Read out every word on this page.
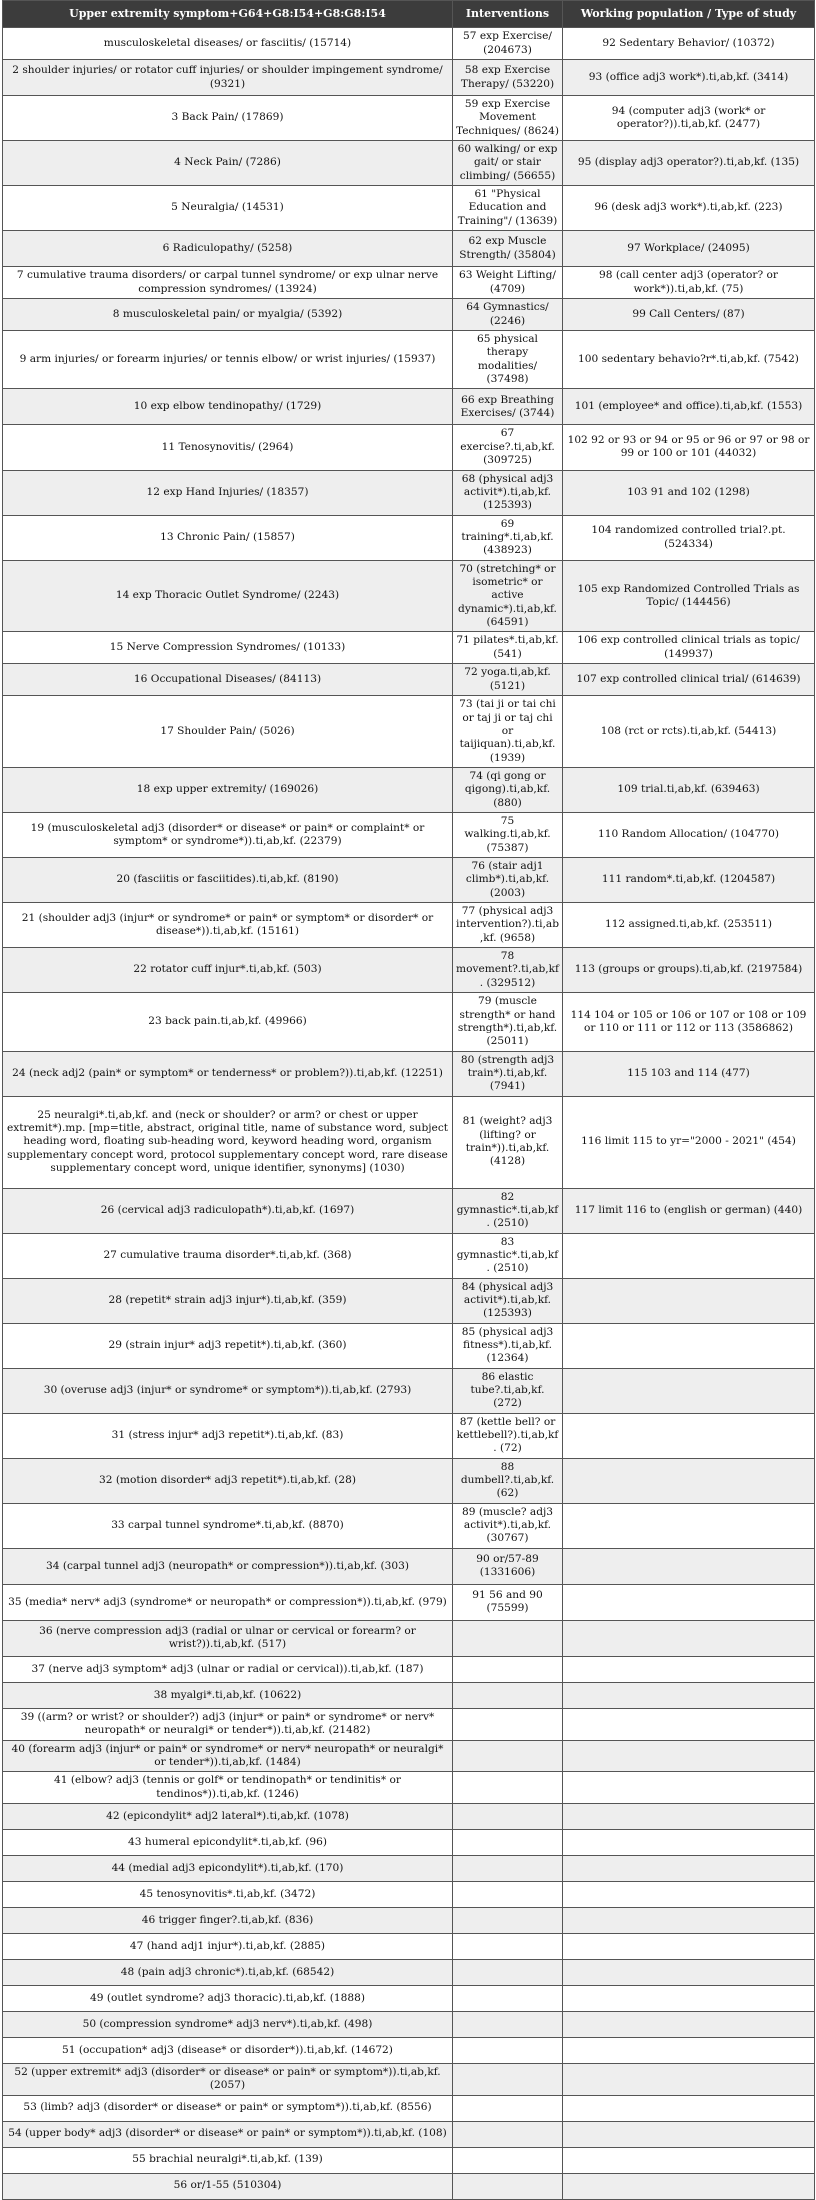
Upper extremity symptom+G64+G8:I54+G8:G8:I54	Interventions	Working population / Type of study
musculoskeletal diseases/ or fasciitis/ (15714)	57 exp Exercise/ (204673)	92 Sedentary Behavior/ (10372)
2 shoulder injuries/ or rotator cuff injuries/ or shoulder impingement syndrome/ (9321)	58 exp Exercise Therapy/ (53220)	93 (office adj3 work*).ti,ab,kf. (3414)
3 Back Pain/ (17869)	59 exp Exercise Movement Techniques/ (8624)	94 (computer adj3 (work* or operator?)).ti,ab,kf. (2477)
4 Neck Pain/ (7286)	60 walking/ or exp gait/ or stair climbing/ (56655)	95 (display adj3 operator?).ti,ab,kf. (135)
5 Neuralgia/ (14531)	61 "Physical Education and Training"/ (13639)	96 (desk adj3 work*).ti,ab,kf. (223)
6 Radiculopathy/ (5258)	62 exp Muscle Strength/ (35804)	97 Workplace/ (24095)
7 cumulative trauma disorders/ or carpal tunnel syndrome/ or exp ulnar nerve compression syndromes/ (13924)	63 Weight Lifting/ (4709)	98 (call center adj3 (operator? or work*)).ti,ab,kf. (75)
8 musculoskeletal pain/ or myalgia/ (5392)	64 Gymnastics/ (2246)	99 Call Centers/ (87)
9 arm injuries/ or forearm injuries/ or tennis elbow/ or wrist injuries/ (15937)	65 physical therapy modalities/ (37498)	100 sedentary behavio?r*.ti,ab,kf. (7542)
10 exp elbow tendinopathy/ (1729)	66 exp Breathing Exercises/ (3744)	101 (employee* and office).ti,ab,kf. (1553)
11 Tenosynovitis/ (2964)	67 exercise?.ti,ab,kf. (309725)	102 92 or 93 or 94 or 95 or 96 or 97 or 98 or 99 or 100 or 101 (44032)
12 exp Hand Injuries/ (18357)	68 (physical adj3 activit*).ti,ab,kf. (125393)	103 91 and 102 (1298)
13 Chronic Pain/ (15857)	69 training*.ti,ab,kf. (438923)	104 randomized controlled trial?.pt. (524334)
14 exp Thoracic Outlet Syndrome/ (2243)	70 (stretching* or isometric* or active dynamic*).ti,ab,kf. (64591)	105 exp Randomized Controlled Trials as Topic/ (144456)
15 Nerve Compression Syndromes/ (10133)	71 pilates*.ti,ab,kf. (541)	106 exp controlled clinical trials as topic/ (149937)
16 Occupational Diseases/ (84113)	72 yoga.ti,ab,kf. (5121)	107 exp controlled clinical trial/ (614639)
17 Shoulder Pain/ (5026)	73 (tai ji or tai chi or taj ji or taj chi or taijiquan).ti,ab,kf. (1939)	108 (rct or rcts).ti,ab,kf. (54413)
18 exp upper extremity/ (169026)	74 (qi gong or qigong).ti,ab,kf. (880)	109 trial.ti,ab,kf. (639463)
19 (musculoskeletal adj3 (disorder* or disease* or pain* or complaint* or symptom* or syndrome*)).ti,ab,kf. (22379)	75 walking.ti,ab,kf. (75387)	110 Random Allocation/ (104770)
20 (fasciitis or fasciitides).ti,ab,kf. (8190)	76 (stair adj1 climb*).ti,ab,kf. (2003)	111 random*.ti,ab,kf. (1204587)
21 (shoulder adj3 (injur* or syndrome* or pain* or symptom* or disorder* or disease*)).ti,ab,kf. (15161)	77 (physical adj3 intervention?).ti,ab,kf. (9658)	112 assigned.ti,ab,kf. (253511)
22 rotator cuff injur*.ti,ab,kf. (503)	78 movement?.ti,ab,kf. (329512)	113 (groups or groups).ti,ab,kf. (2197584)
23 back pain.ti,ab,kf. (49966)	79 (muscle strength* or hand strength*).ti,ab,kf. (25011)	114 104 or 105 or 106 or 107 or 108 or 109 or 110 or 111 or 112 or 113 (3586862)
24 (neck adj2 (pain* or symptom* or tenderness* or problem?)).ti,ab,kf. (12251)	80 (strength adj3 train*).ti,ab,kf. (7941)	115 103 and 114 (477)
25 neuralgi*.ti,ab,kf. and (neck or shoulder? or arm? or chest or upper extremit*).mp. [mp=title, abstract, original title, name of substance word, subject heading word, floating sub-heading word, keyword heading word, organism supplementary concept word, protocol supplementary concept word, rare disease supplementary concept word, unique identifier, synonyms] (1030)	81 (weight? adj3 (lifting? or train*)).ti,ab,kf. (4128)	116 limit 115 to yr="2000 - 2021" (454)
26 (cervical adj3 radiculopath*).ti,ab,kf. (1697)	82 gymnastic*.ti,ab,kf. (2510)	117 limit 116 to (english or german) (440)
27 cumulative trauma disorder*.ti,ab,kf. (368)	83 gymnastic*.ti,ab,kf. (2510)	
28 (repetit* strain adj3 injur*).ti,ab,kf. (359)	84 (physical adj3 activit*).ti,ab,kf. (125393)	
29 (strain injur* adj3 repetit*).ti,ab,kf. (360)	85 (physical adj3 fitness*).ti,ab,kf. (12364)	
30 (overuse adj3 (injur* or syndrome* or symptom*)).ti,ab,kf. (2793)	86 elastic tube?.ti,ab,kf. (272)	
31 (stress injur* adj3 repetit*).ti,ab,kf. (83)	87 (kettle bell? or kettlebell?).ti,ab,kf. (72)	
32 (motion disorder* adj3 repetit*).ti,ab,kf. (28)	88 dumbell?.ti,ab,kf. (62)	
33 carpal tunnel syndrome*.ti,ab,kf. (8870)	89 (muscle? adj3 activit*).ti,ab,kf. (30767)	
34 (carpal tunnel adj3 (neuropath* or compression*)).ti,ab,kf. (303)	90 or/57-89 (1331606)	
35 (media* nerv* adj3 (syndrome* or neuropath* or compression*)).ti,ab,kf. (979)	91 56 and 90 (75599)	
36 (nerve compression adj3 (radial or ulnar or cervical or forearm? or wrist?)).ti,ab,kf. (517)		
37 (nerve adj3 symptom* adj3 (ulnar or radial or cervical)).ti,ab,kf. (187)		
38 myalgi*.ti,ab,kf. (10622)		
39 ((arm? or wrist? or shoulder?) adj3 (injur* or pain* or syndrome* or nerv* neuropath* or neuralgi* or tender*)).ti,ab,kf. (21482)		
40 (forearm adj3 (injur* or pain* or syndrome* or nerv* neuropath* or neuralgi* or tender*)).ti,ab,kf. (1484)		
41 (elbow? adj3 (tennis or golf* or tendinopath* or tendinitis* or tendinos*)).ti,ab,kf. (1246)		
42 (epicondylit* adj2 lateral*).ti,ab,kf. (1078)		
43 humeral epicondylit*.ti,ab,kf. (96)		
44 (medial adj3 epicondylit*).ti,ab,kf. (170)		
45 tenosynovitis*.ti,ab,kf. (3472)		
46 trigger finger?.ti,ab,kf. (836)		
47 (hand adj1 injur*).ti,ab,kf. (2885)		
48 (pain adj3 chronic*).ti,ab,kf. (68542)		
49 (outlet syndrome? adj3 thoracic).ti,ab,kf. (1888)		
50 (compression syndrome* adj3 nerv*).ti,ab,kf. (498)		
51 (occupation* adj3 (disease* or disorder*)).ti,ab,kf. (14672)		
52 (upper extremit* adj3 (disorder* or disease* or pain* or symptom*)).ti,ab,kf. (2057)		
53 (limb? adj3 (disorder* or disease* or pain* or symptom*)).ti,ab,kf. (8556)		
54 (upper body* adj3 (disorder* or disease* or pain* or symptom*)).ti,ab,kf. (108)		
55 brachial neuralgi*.ti,ab,kf. (139)		
56 or/1-55 (510304)		
